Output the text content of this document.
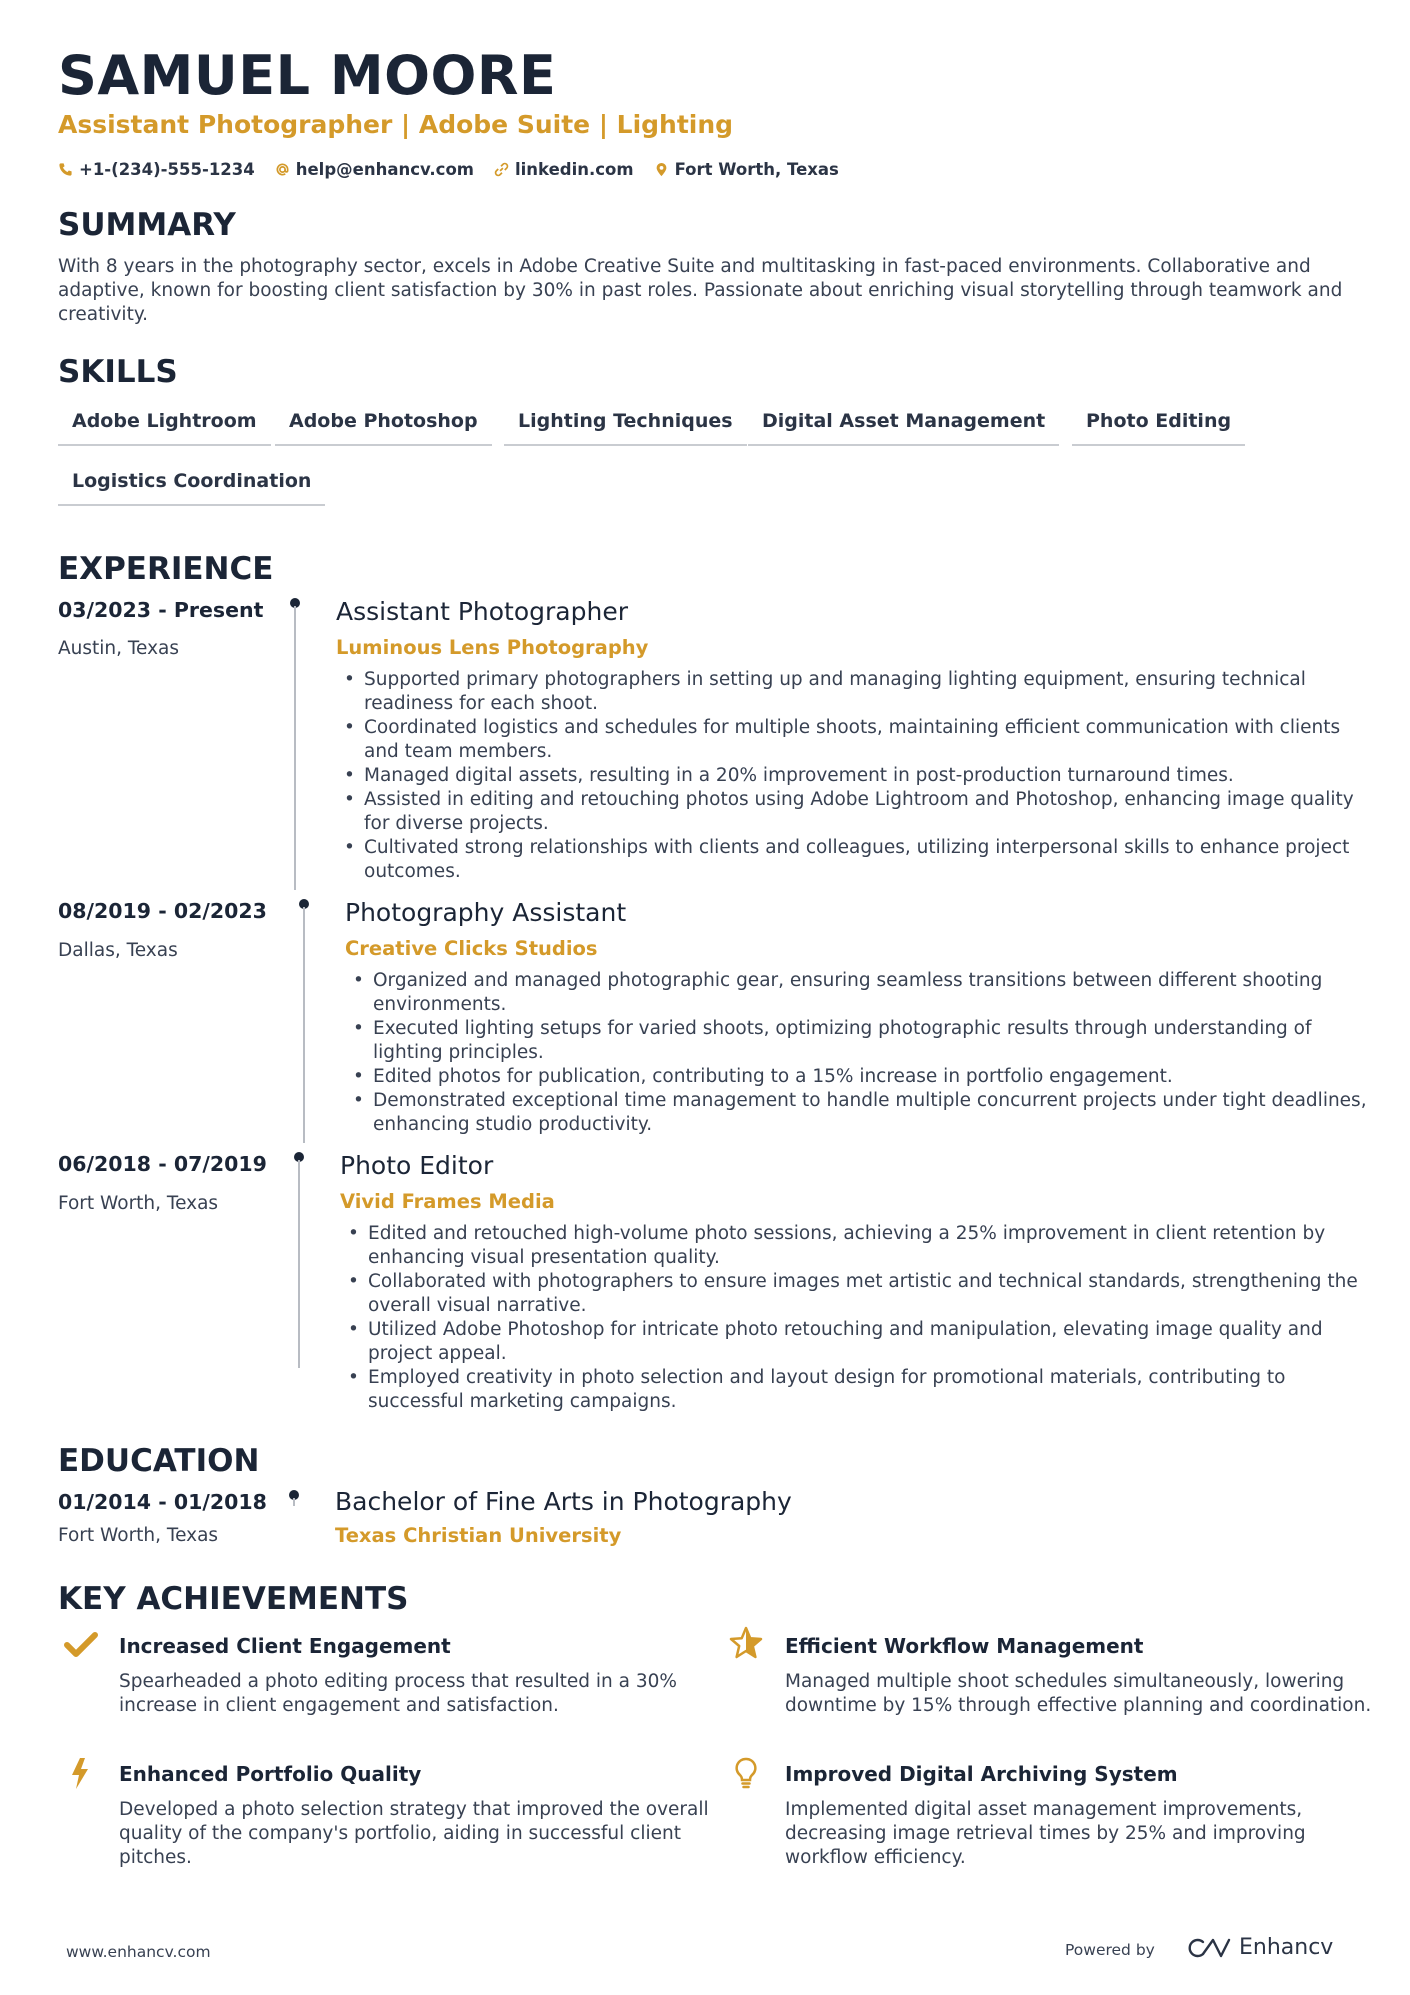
SAMUEL MOORE
Assistant Photographer | Adobe Suite | Lighting
+1-(234)-555-1234 help@enhancv.com linkedin.com Fort Worth, Texas
SUMMARY
With 8 years in the photography sector, excels in Adobe Creative Suite and multitasking in fast-paced environments. Collaborative and adaptive, known for boosting client satisfaction by 30% in past roles. Passionate about enriching visual storytelling through teamwork and creativity.
SKILLS
Adobe Lightroom	Adobe Photoshop	Lighting Techniques	Digital Asset Management	Photo Editing
Logistics Coordination
EXPERIENCE
03/2023 - Present
Austin, Texas
Assistant Photographer
Luminous Lens Photography
• Supported primary photographers in setting up and managing lighting equipment, ensuring technical readiness for each shoot.
• Coordinated logistics and schedules for multiple shoots, maintaining efficient communication with clients and team members.
• Managed digital assets, resulting in a 20% improvement in post-production turnaround times.
• Assisted in editing and retouching photos using Adobe Lightroom and Photoshop, enhancing image quality for diverse projects.
• Cultivated strong relationships with clients and colleagues, utilizing interpersonal skills to enhance project outcomes.
08/2019 - 02/2023
Dallas, Texas
Photography Assistant
Creative Clicks Studios
• Organized and managed photographic gear, ensuring seamless transitions between different shooting environments.
• Executed lighting setups for varied shoots, optimizing photographic results through understanding of lighting principles.
• Edited photos for publication, contributing to a 15% increase in portfolio engagement.
• Demonstrated exceptional time management to handle multiple concurrent projects under tight deadlines, enhancing studio productivity.
06/2018 - 07/2019
Fort Worth, Texas
Photo Editor
Vivid Frames Media
• Edited and retouched high-volume photo sessions, achieving a 25% improvement in client retention by enhancing visual presentation quality.
• Collaborated with photographers to ensure images met artistic and technical standards, strengthening the overall visual narrative.
• Utilized Adobe Photoshop for intricate photo retouching and manipulation, elevating image quality and project appeal.
• Employed creativity in photo selection and layout design for promotional materials, contributing to successful marketing campaigns.
EDUCATION
01/2014 - 01/2018
Fort Worth, Texas
Bachelor of Fine Arts in Photography
Texas Christian University
KEY ACHIEVEMENTS
Increased Client Engagement
Spearheaded a photo editing process that resulted in a 30% increase in client engagement and satisfaction.
Efficient Workflow Management
Managed multiple shoot schedules simultaneously, lowering downtime by 15% through effective planning and coordination.
Enhanced Portfolio Quality
Developed a photo selection strategy that improved the overall quality of the company's portfolio, aiding in successful client pitches.
Improved Digital Archiving System
Implemented digital asset management improvements, decreasing image retrieval times by 25% and improving workflow efficiency.
www.enhancv.com	Powered by	Enhancv
